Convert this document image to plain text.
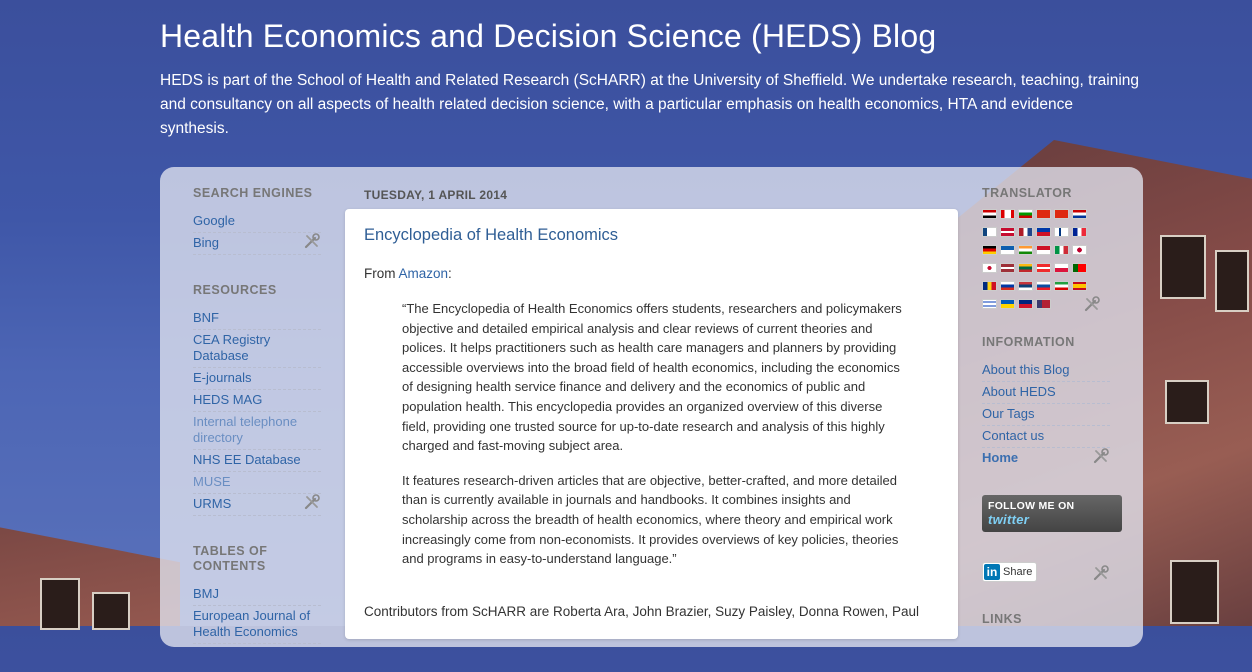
Health Economics and Decision Science (HEDS) Blog

HEDS is part of the School of Health and Related Research (ScHARR) at the University of Sheffield. We undertake research, teaching, training and consultancy on all aspects of health related decision science, with a particular emphasis on health economics, HTA and evidence synthesis.

SEARCH ENGINES
Google
Bing
RESOURCES
BNF
CEA Registry Database
E-journals
HEDS MAG
Internal telephone directory
NHS EE Database
MUSE
URMS
TABLES OF CONTENTS
BMJ
European Journal of Health Economics
TUESDAY, 1 APRIL 2014
Encyclopedia of Health Economics
From Amazon:

“The Encyclopedia of Health Economics offers students, researchers and policymakers objective and detailed empirical analysis and clear reviews of current theories and polices. It helps practitioners such as health care managers and planners by providing accessible overviews into the broad field of health economics, including the economics of designing health service finance and delivery and the economics of public and population health. This encyclopedia provides an organized overview of this diverse field, providing one trusted source for up-to-date research and analysis of this highly charged and fast-moving subject area.

It features research-driven articles that are objective, better-crafted, and more detailed than is currently available in journals and handbooks. It combines insights and scholarship across the breadth of health economics, where theory and empirical work increasingly come from non-economists. It provides overviews of key policies, theories and programs in easy-to-understand language.”

Contributors from ScHARR are Roberta Ara, John Brazier, Suzy Paisley, Donna Rowen, Paul
TRANSLATOR
INFORMATION
About this Blog
About HEDS
Our Tags
Contact us
Home
FOLLOW ME ON twitter
in Share
LINKS
